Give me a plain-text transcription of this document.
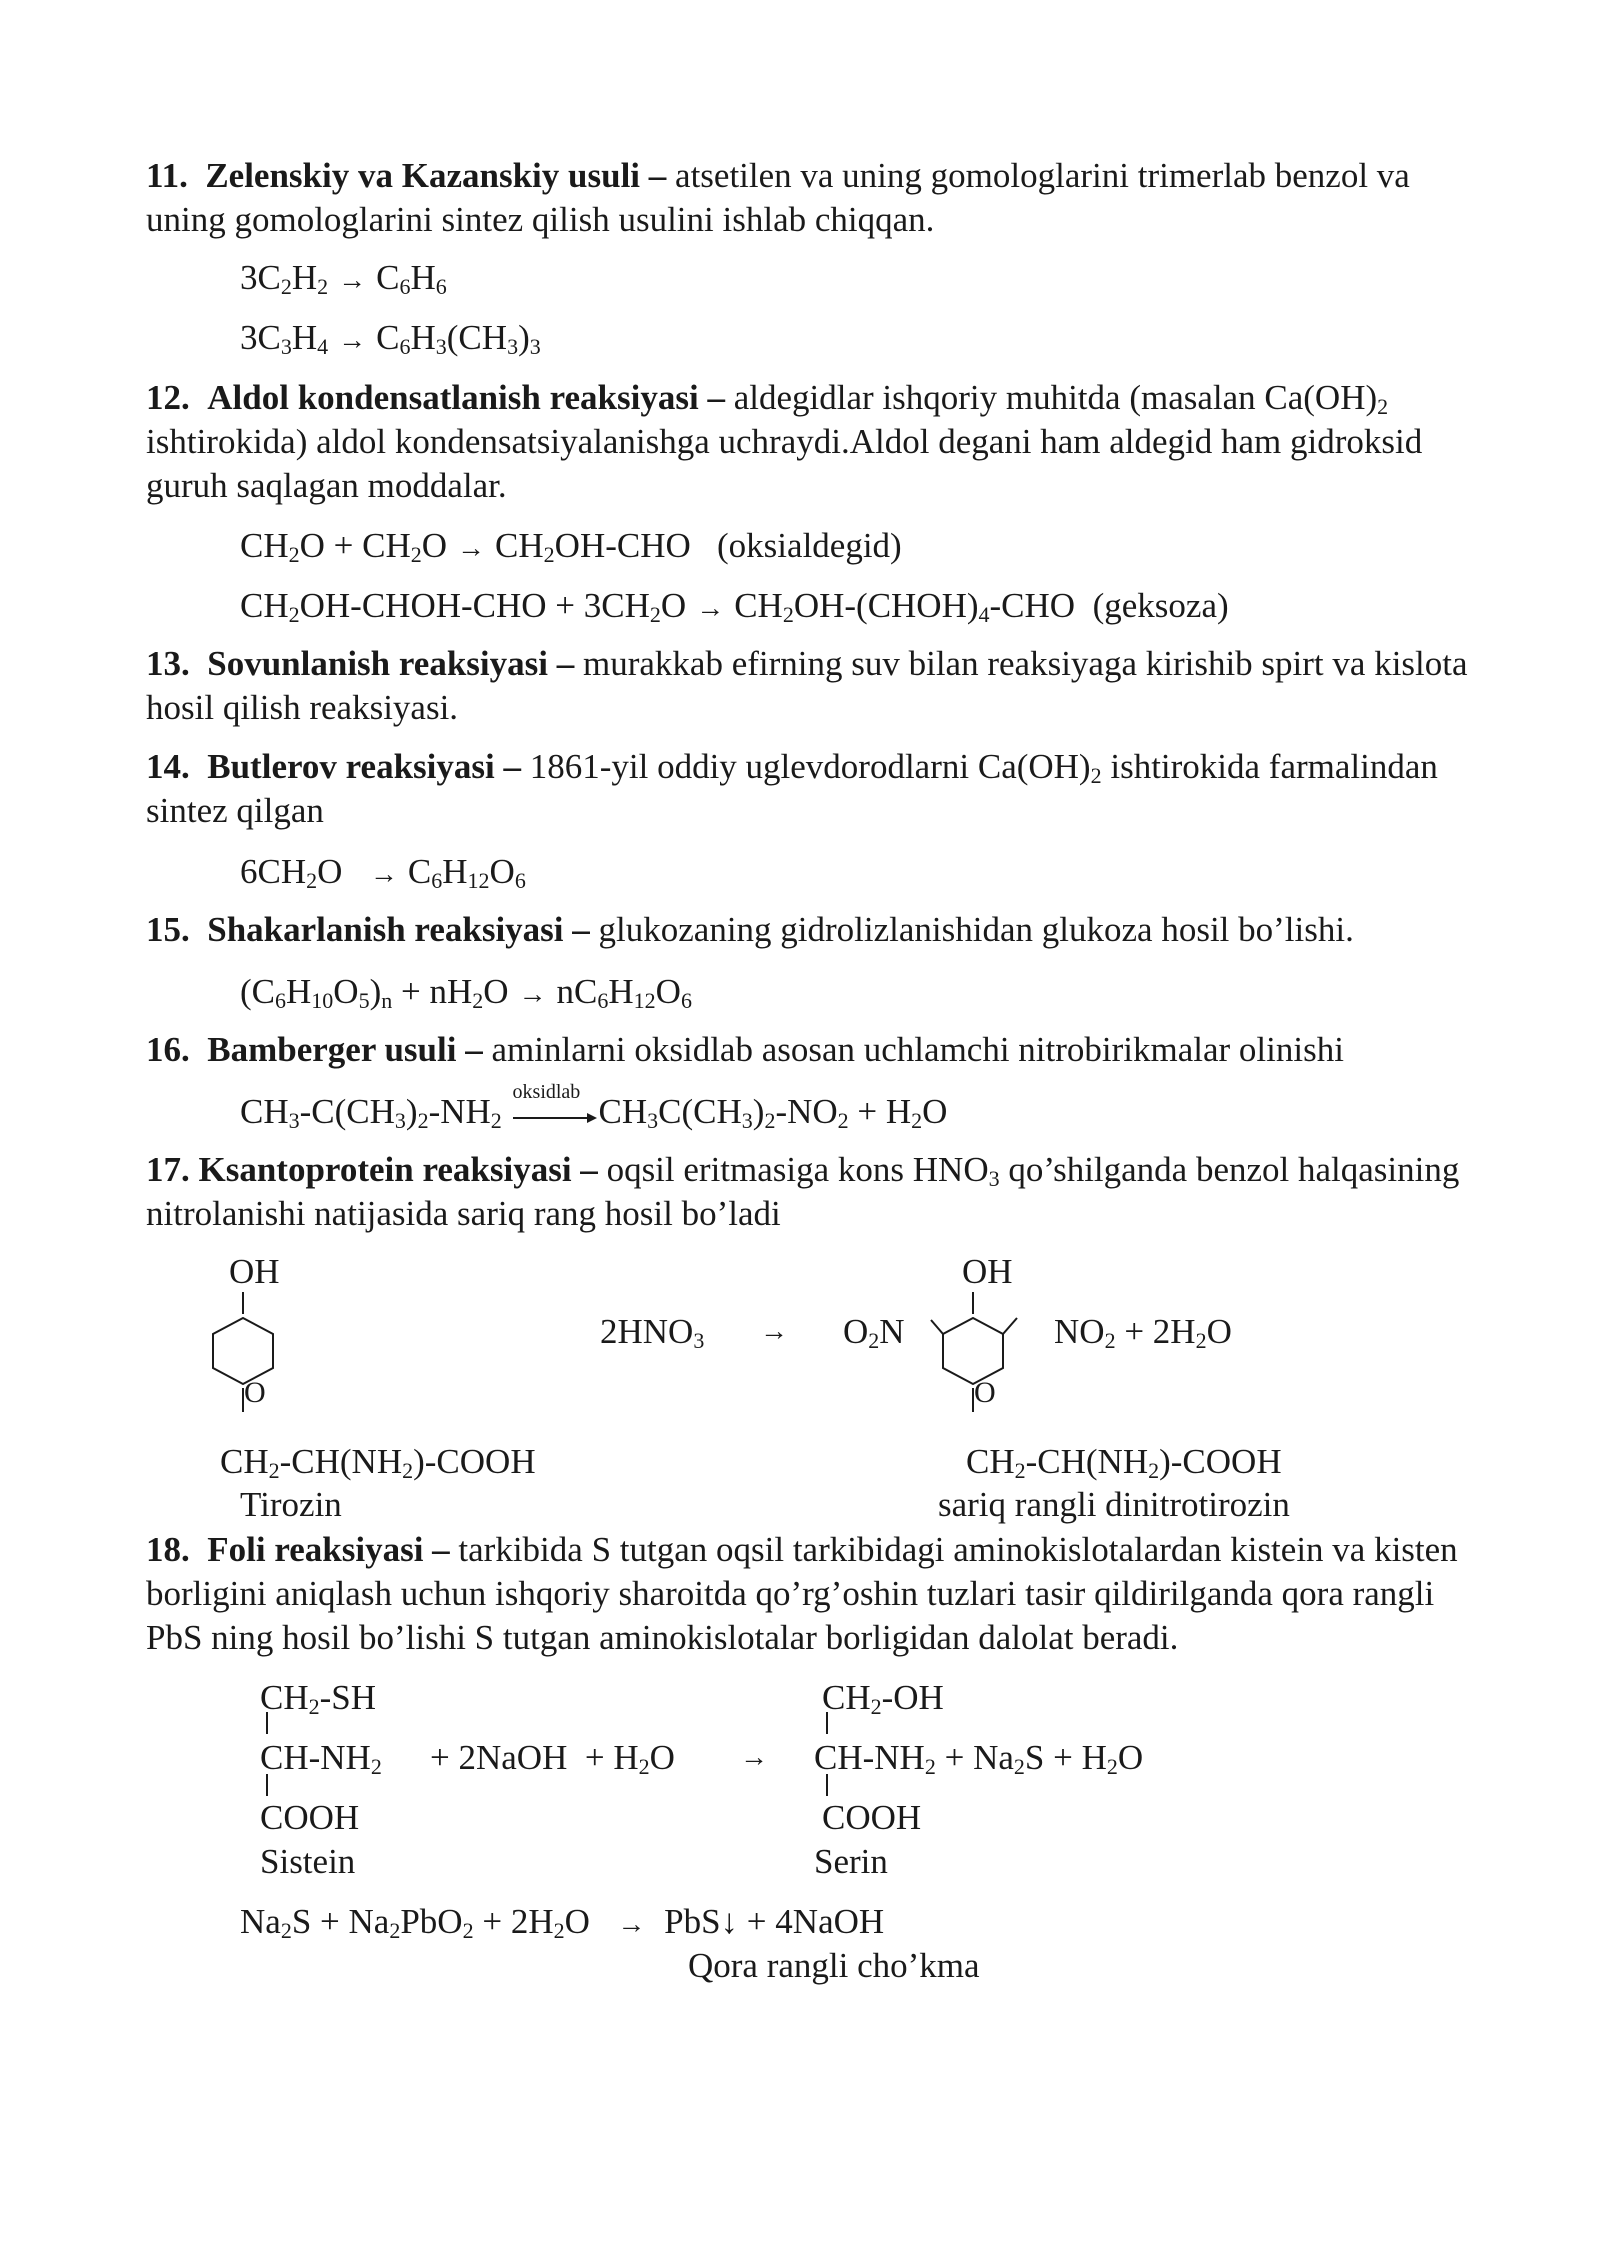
11. Zelenskiy va Kazanskiy usuli – atsetilen va uning gomologlarini trimerlab benzol va uning gomologlarini sintez qilish usulini ishlab chiqqan.

$3C_2H_2 \to C_6H_6$
$3C_3H_4 \to C_6H_3(CH_3)_3$

12. Aldol kondensatlanish reaksiyasi – aldegidlar ishqoriy muhitda (masalan $Ca(OH)_2$ ishtirokida) aldol kondensatsiyalanishga uchraydi.Aldol degani ham aldegid ham gidroksid guruh saqlagan moddalar.

$CH_2O + CH_2O \to CH_2OH-CHO$   (oksialdegid)
$CH_2OH-CHOH$-CHO + $3CH_2O$ → $CH_2OH-(CHOH)_4$-CHO  (geksoza)

13. Sovunlanish reaksiyasi – murakkab efirning suv bilan reaksiyaga kirishib spirt va kislota hosil qilish reaksiyasi.

14. Butlerov reaksiyasi – 1861-yil oddiy uglevdorodlarni $Ca(OH)_2$ ishtirokida farmalindan sintez qilgan

$6CH_2O \to C_6H_{12}O_6$

15. Shakarlanish reaksiyasi – glukozaning gidrolizlanishidan glukoza hosil bo’lishi.

$(C_6H_{10}O_5)_n + nH_2O \to nC_6H_{12}O_6$

16. Bamberger usuli – aminlarni oksidlab asosan uchlamchi nitrobirikmalar olinishi

$CH_3-C(CH_3)_2-NH_2$
oksidlab
$CH_3C(CH_3)_2-NO_2 + H_2O$

17. Ksantoprotein reaksiyasi – oqsil eritmasiga kons $HNO_3$ qo’shilganda benzol halqasining nitrolanishi natijasida sariq rang hosil bo’ladi

OH
O
$CH_2-CH(NH_2)$-COOH
Tirozin
$2HNO_3$ →
OH
$O_2N$
O
$NO_2 + 2H_2O$
$CH_2-CH(NH_2)$-COOH
sariq rangli dinitrotirozin

18. Foli reaksiyasi – tarkibida S tutgan oqsil tarkibidagi aminokislotalardan kistein va kisten borligini aniqlash uchun ishqoriy sharoitda qo’rg’oshin tuzlari tasir qildirilganda qora rangli PbS ning hosil bo’lishi S tutgan aminokislotalar borligidan dalolat beradi.

$CH_2-SH$
$CH-NH_2$
COOH
Sistein
+ 2NaOH  + $H_2O$ →
$CH_2-OH$
$CH-NH_2 + Na_2S + H_2O$
COOH
Serin
$Na_2S + Na_2PbO_2 + 2H_2O$  → PbS↓ + 4NaOH
Qora rangli cho’kma
